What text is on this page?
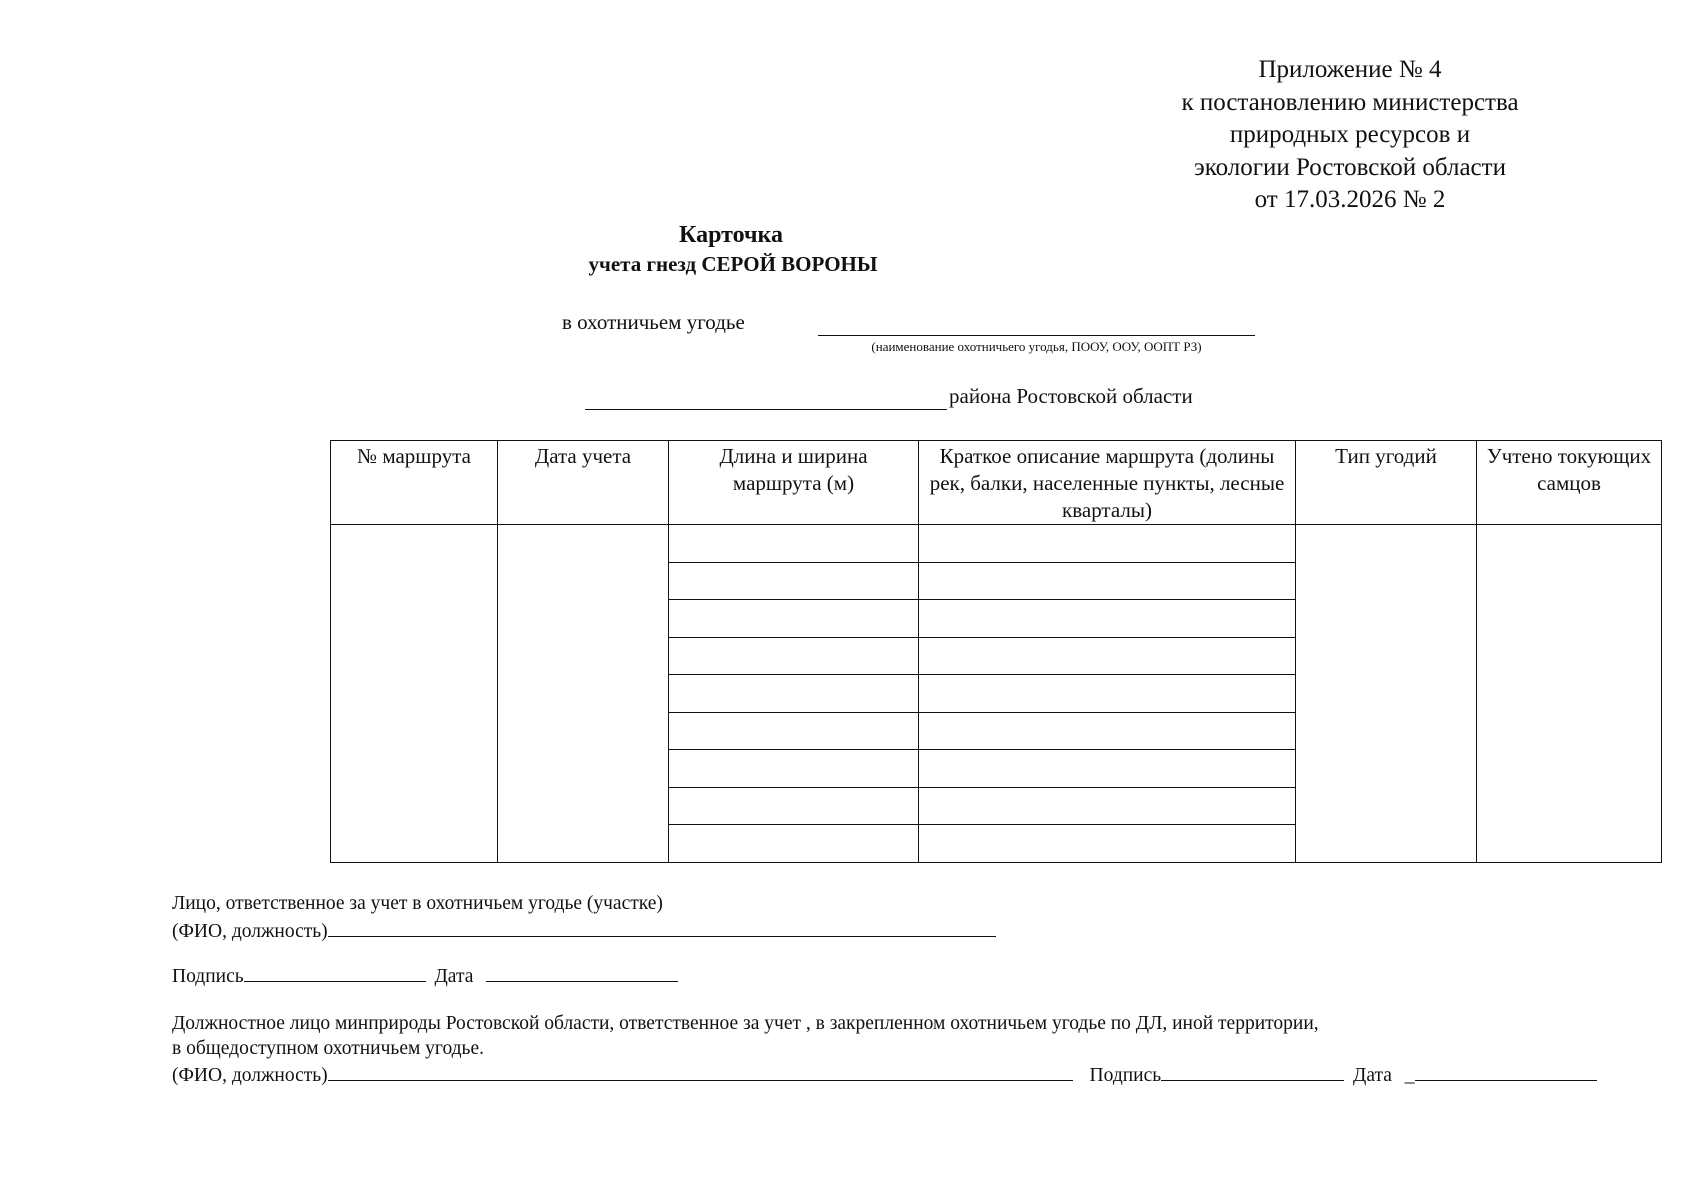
Приложение № 4
к постановлению министерства
природных ресурсов и
экологии Ростовской области
от 17.03.2026 № 2
Карточка
учета гнезд СЕРОЙ ВОРОНЫ
в охотничьем угодье
(наименование охотничьего угодья, ПООУ, ООУ, ООПТ РЗ)
района Ростовской области
№ маршрута	Дата учета	Длина и ширина маршрута (м)	Краткое описание маршрута (долины рек, балки, населенные пункты, лесные кварталы)	Тип угодий	Учтено токующих самцов

Лицо, ответственное за учет в охотничьем угодье (участке)
(ФИО, должность)
Подпись	Дата
Должностное лицо минприроды Ростовской области, ответственное за учет , в закрепленном охотничьем угодье по ДЛ, иной территории,
в общедоступном охотничьем угодье.
(ФИО, должность)	Подпись	Дата _
